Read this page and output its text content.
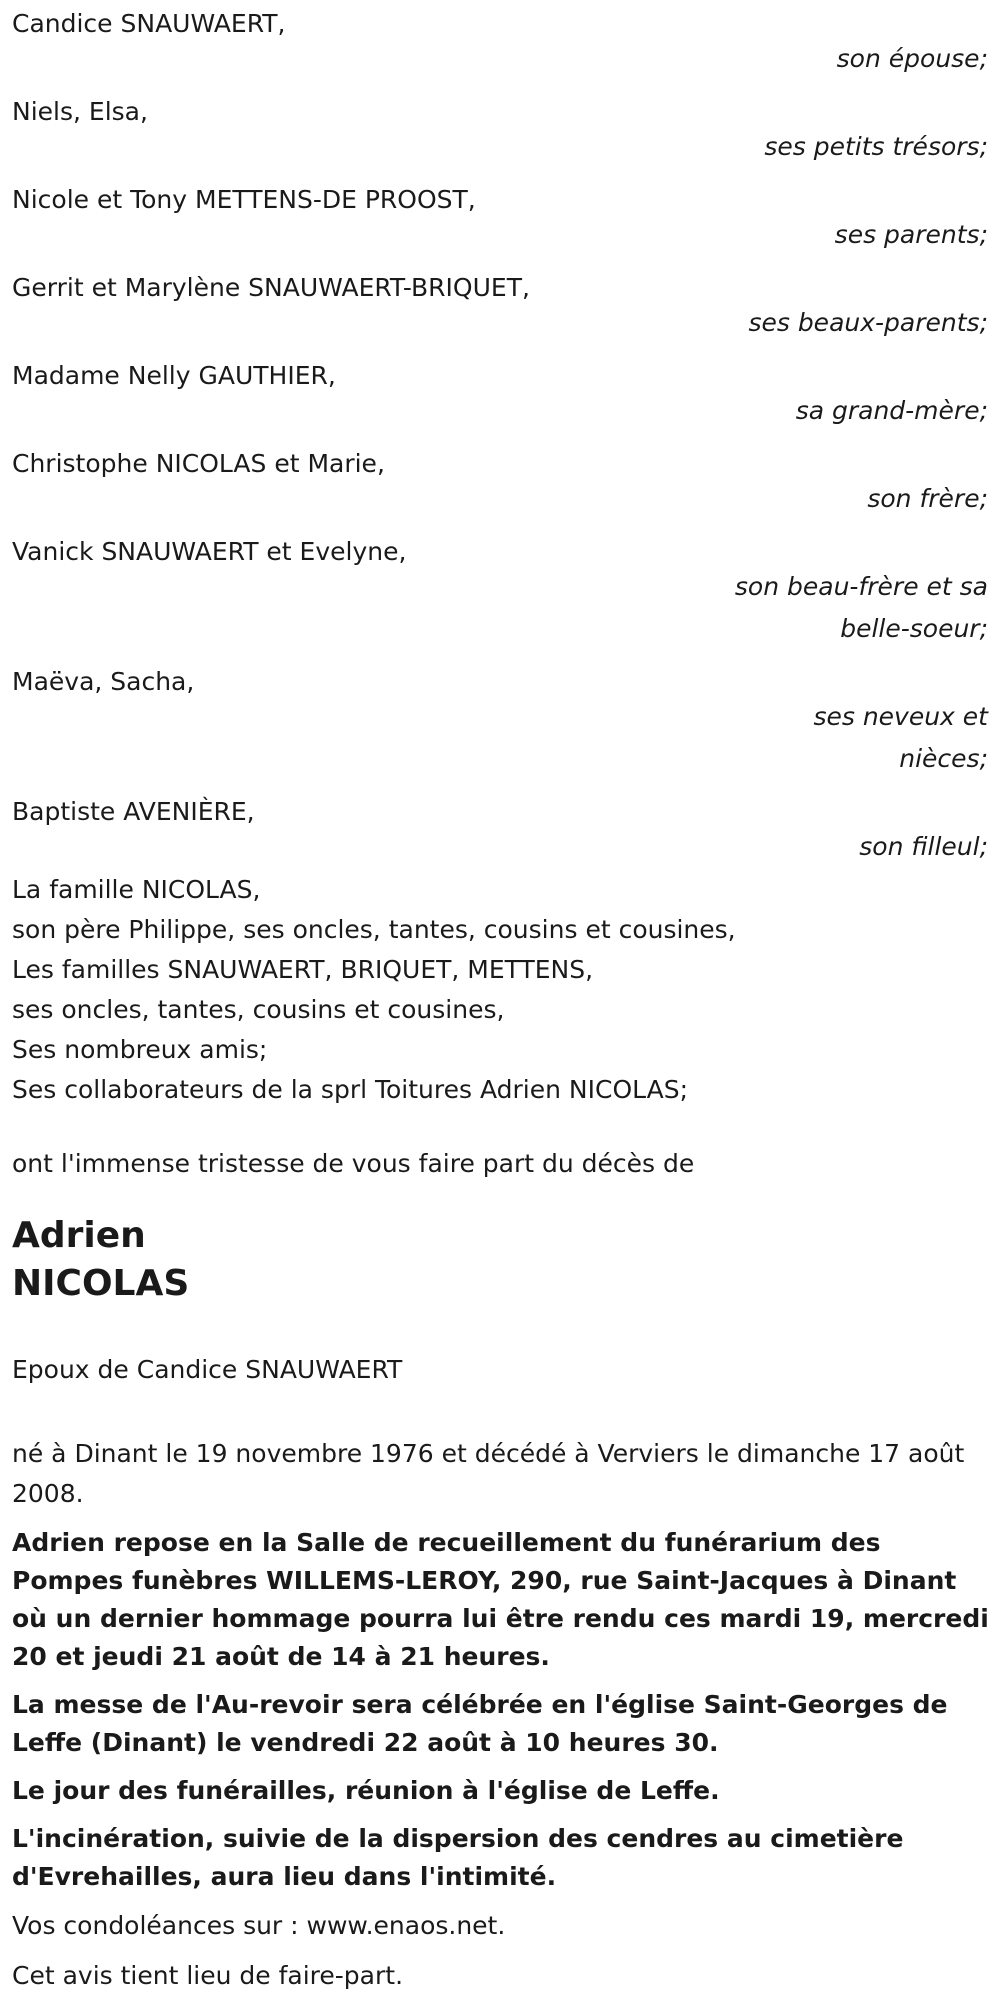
Candice SNAUWAERT,
son épouse;
Niels, Elsa,
ses petits trésors;
Nicole et Tony METTENS-DE PROOST,
ses parents;
Gerrit et Marylène SNAUWAERT-BRIQUET,
ses beaux-parents;
Madame Nelly GAUTHIER,
sa grand-mère;
Christophe NICOLAS et Marie,
son frère;
Vanick SNAUWAERT et Evelyne,
son beau-frère et sa belle-soeur;
Maëva, Sacha,
ses neveux et nièces;
Baptiste AVENIÈRE,
son filleul;
La famille NICOLAS,
son père Philippe, ses oncles, tantes, cousins et cousines,
Les familles SNAUWAERT, BRIQUET, METTENS,
ses oncles, tantes, cousins et cousines,
Ses nombreux amis;
Ses collaborateurs de la sprl Toitures Adrien NICOLAS;
ont l'immense tristesse de vous faire part du décès de
Adrien
NICOLAS
Epoux de Candice SNAUWAERT
né à Dinant le 19 novembre 1976 et décédé à Verviers le dimanche 17 août 2008.
Adrien repose en la Salle de recueillement du funérarium des Pompes funèbres WILLEMS-LEROY, 290, rue Saint-Jacques à Dinant où un dernier hommage pourra lui être rendu ces mardi 19, mercredi 20 et jeudi 21 août de 14 à 21 heures.
La messe de l'Au-revoir sera célébrée en l'église Saint-Georges de Leffe (Dinant) le vendredi 22 août à 10 heures 30.
Le jour des funérailles, réunion à l'église de Leffe.
L'incinération, suivie de la dispersion des cendres au cimetière d'Evrehailles, aura lieu dans l'intimité.
Vos condoléances sur : www.enaos.net.
Cet avis tient lieu de faire-part.
